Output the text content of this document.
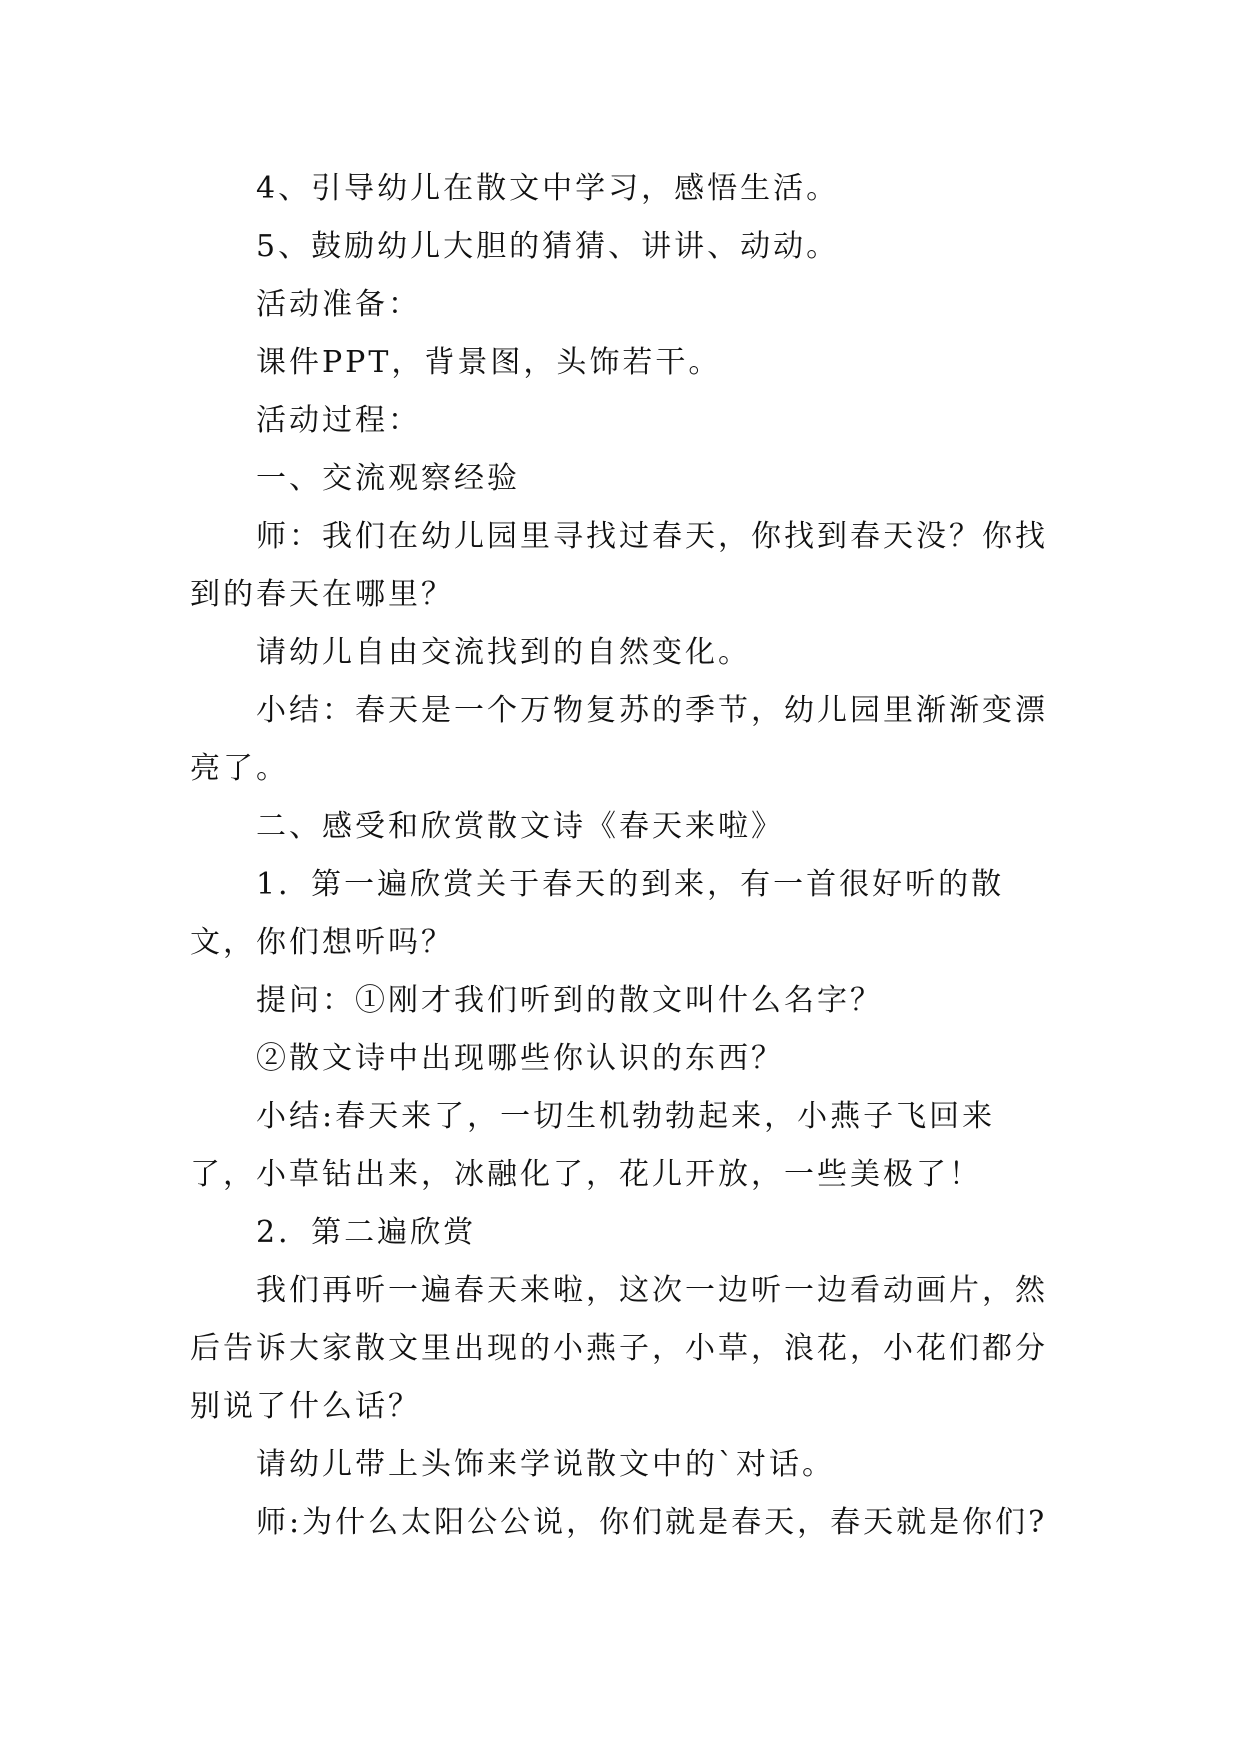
4、引导幼儿在散文中学习，感悟生活。

5、鼓励幼儿大胆的猜猜、讲讲、动动。

活动准备：

课件PPT，背景图，头饰若干。

活动过程：

一、交流观察经验

师：我们在幼儿园里寻找过春天，你找到春天没？你找到的春天在哪里？

请幼儿自由交流找到的自然变化。

小结：春天是一个万物复苏的季节，幼儿园里渐渐变漂亮了。

二、感受和欣赏散文诗《春天来啦》

1．第一遍欣赏关于春天的到来，有一首很好听的散文，你们想听吗？

提问：①刚才我们听到的散文叫什么名字？

②散文诗中出现哪些你认识的东西？

小结:春天来了，一切生机勃勃起来，小燕子飞回来了，小草钻出来，冰融化了，花儿开放，一些美极了！

2．第二遍欣赏

我们再听一遍春天来啦，这次一边听一边看动画片，然后告诉大家散文里出现的小燕子，小草，浪花，小花们都分别说了什么话？

请幼儿带上头饰来学说散文中的`对话。

师:为什么太阳公公说，你们就是春天，春天就是你们?
